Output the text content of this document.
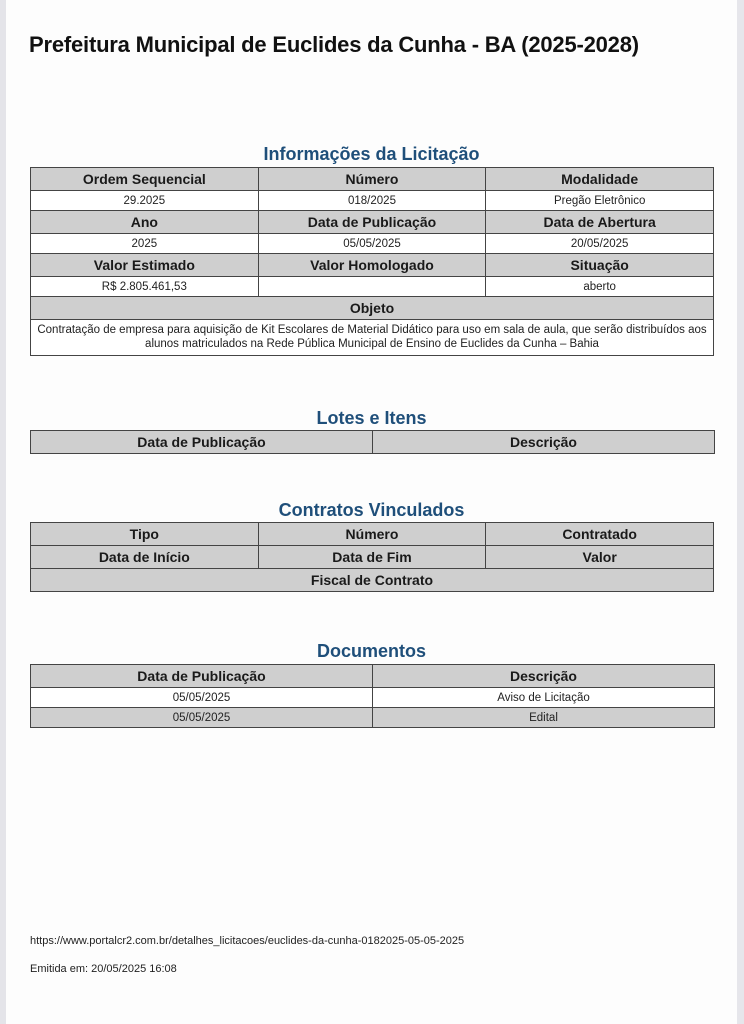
Prefeitura Municipal de Euclides da Cunha - BA (2025-2028)
Informações da Licitação
Ordem Sequencial	Número	Modalidade
29.2025	018/2025	Pregão Eletrônico
Ano	Data de Publicação	Data de Abertura
2025	05/05/2025	20/05/2025
Valor Estimado	Valor Homologado	Situação
R$ 2.805.461,53		aberto
Objeto		
Contratação de empresa para aquisição de Kit Escolares de Material Didático para uso em sala de aula, que serão distribuídos aos alunos matriculados na Rede Pública Municipal de Ensino de Euclides da Cunha – Bahia		
Lotes e Itens
Data de Publicação	Descrição
Contratos Vinculados
Tipo	Número	Contratado
Data de Início	Data de Fim	Valor
Fiscal de Contrato		
Documentos
Data de Publicação	Descrição
05/05/2025	Aviso de Licitação
05/05/2025	Edital
https://www.portalcr2.com.br/detalhes_licitacoes/euclides-da-cunha-0182025-05-05-2025
Emitida em: 20/05/2025 16:08
